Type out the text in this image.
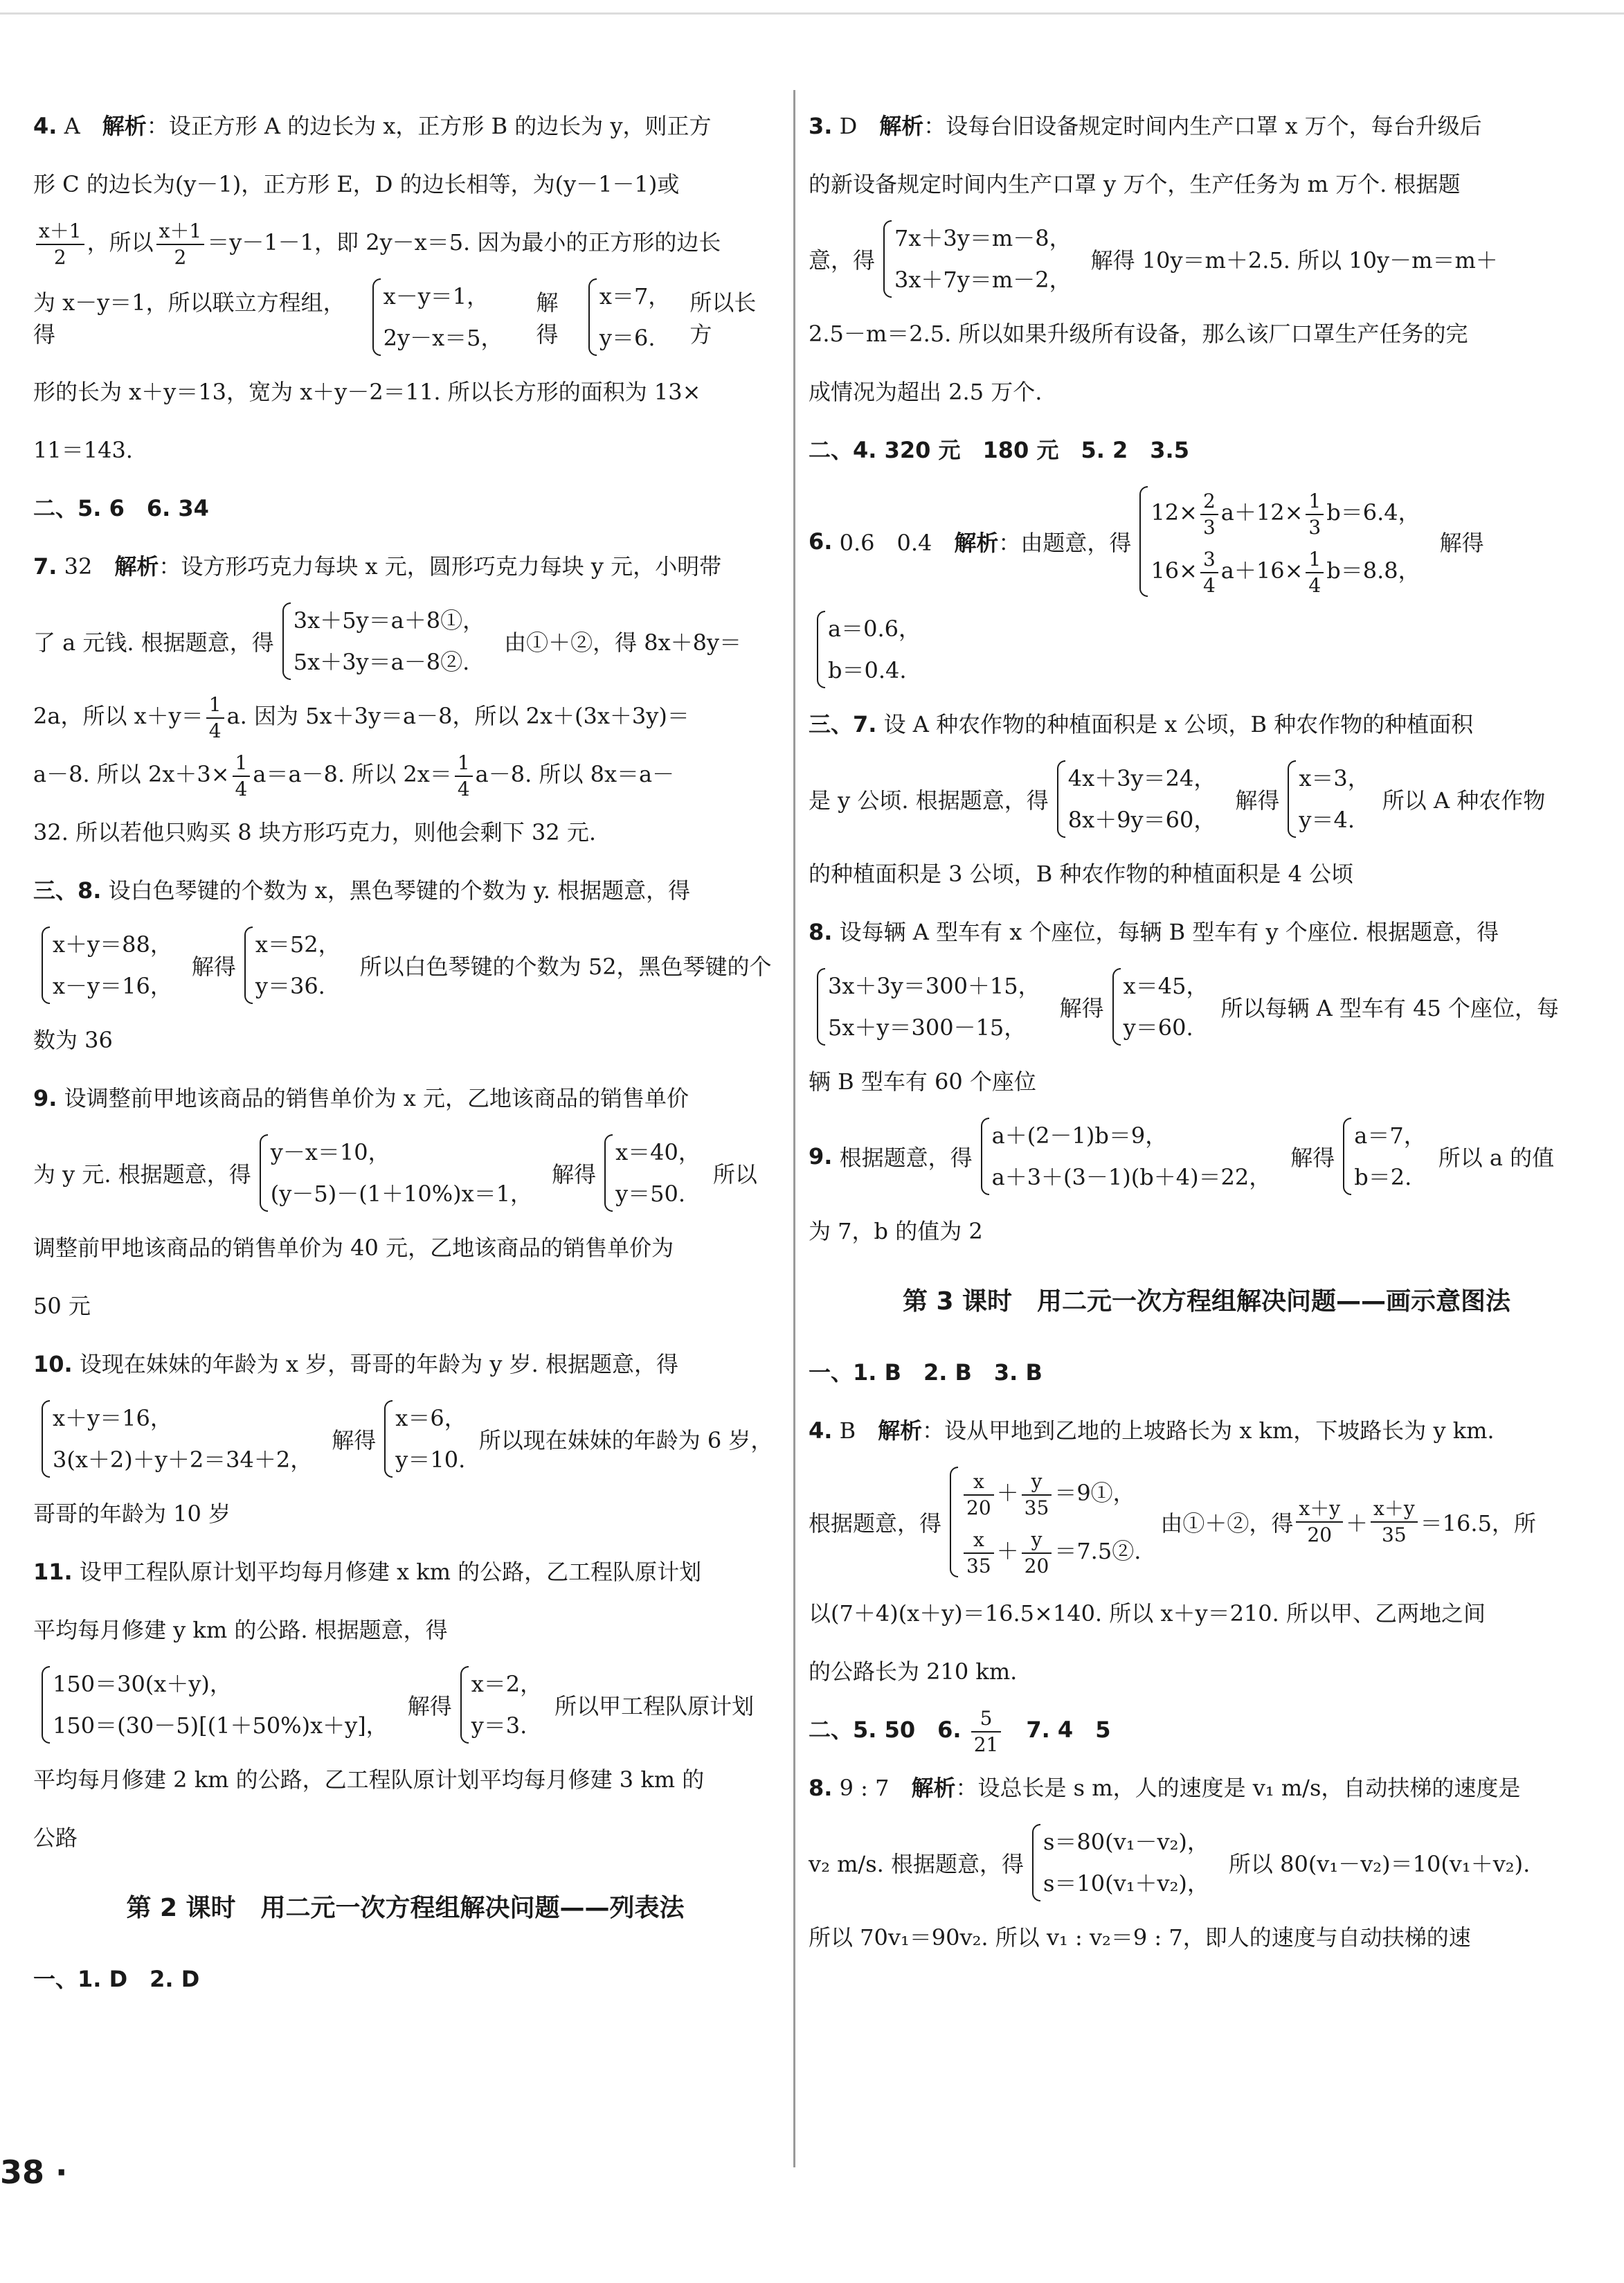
4. A　 解析：设正方形 A 的边长为 x，正方形 B 的边长为 y，则正方

形 C 的边长为(y－1)，正方形 E，D 的边长相等，为(y－1－1)或

$\frac{x+1}{2}$ ，所以 $\frac{x+1}{2} =y-1-1$，即 2y－x＝5. 因为最小的正方形的边长

为 x－y＝1，所以联立方程组，得
x－y＝1，
2y－x＝5，
解得
x＝7，
y＝6.
所以长方

形的长为 x＋y＝13，宽为 x＋y－2＝11. 所以长方形的面积为 13×

11＝143.

二、5. 6　6. 34

7. 32　 解析：设方形巧克力每块 x 元，圆形巧克力每块 y 元，小明带

了 a 元钱. 根据题意，得
3x＋5y＝a＋8①，
5x＋3y＝a－8②.
由①＋②，得 8x＋8y＝

2a，所以 $x+y= \frac{1}{4} a$. 因为 5x＋3y＝a－8，所以 2x＋(3x＋3y)＝

a－8. 所以 $2x+3\times \frac{1}{4} a=a-8$. 所以 $2x= \frac{1}{4} a-8$. 所以 8x＝a－

32. 所以若他只购买 8 块方形巧克力，则他会剩下 32 元.

三、8. 设白色琴键的个数为 x，黑色琴键的个数为 y. 根据题意，得

x＋y＝88，
x－y＝16，
解得
x＝52，
y＝36.
所以白色琴键的个数为 52，黑色琴键的个

数为 36

9. 设调整前甲地该商品的销售单价为 x 元，乙地该商品的销售单价

为 y 元. 根据题意，得
y－x＝10，
(y－5)－(1＋10%)x＝1，
解得
x＝40，
y＝50.
所以

调整前甲地该商品的销售单价为 40 元，乙地该商品的销售单价为

50 元

10. 设现在妹妹的年龄为 x 岁，哥哥的年龄为 y 岁. 根据题意，得

x＋y＝16，
3(x＋2)＋y＋2＝34＋2，
解得
x＝6，
y＝10.
所以现在妹妹的年龄为 6 岁，

哥哥的年龄为 10 岁

11. 设甲工程队原计划平均每月修建 x km 的公路，乙工程队原计划

平均每月修建 y km 的公路. 根据题意，得

150＝30(x＋y)，
150＝(30－5)[(1＋50%)x＋y]，
解得
x＝2，
y＝3.
所以甲工程队原计划

平均每月修建 2 km 的公路，乙工程队原计划平均每月修建 3 km 的

公路

第 2 课时　用二元一次方程组解决问题——列表法

一、1. D　2. D

3. D　 解析：设每台旧设备规定时间内生产口罩 x 万个，每台升级后

的新设备规定时间内生产口罩 y 万个，生产任务为 m 万个. 根据题

意，得
7x＋3y＝m－8，
3x＋7y＝m－2，
解得 10y＝m＋2.5. 所以 10y－m＝m＋

2.5－m＝2.5. 所以如果升级所有设备，那么该厂口罩生产任务的完

成情况为超出 2.5 万个.

二、4. 320 元　180 元　5. 2　3.5

6.
0.6　0.4
　 解析 ：由题意，得
$12\times \frac{2}{3} a+12\times \frac{1}{3} b=6.4$，
$16\times \frac{3}{4} a+16\times \frac{1}{4} b=8.8$，
解得
a＝0.6，
b＝0.4.

三、7. 设 A 种农作物的种植面积是 x 公顷，B 种农作物的种植面积

是 y 公顷. 根据题意，得
4x＋3y＝24，
8x＋9y＝60，
解得
x＝3，
y＝4.
所以 A 种农作物

的种植面积是 3 公顷，B 种农作物的种植面积是 4 公顷

8. 设每辆 A 型车有 x 个座位，每辆 B 型车有 y 个座位. 根据题意，得

3x＋3y＝300＋15，
5x＋y＝300－15，
解得
x＝45，
y＝60.
所以每辆 A 型车有 45 个座位，每

辆 B 型车有 60 个座位

9.
根据题意，得
a＋(2－1)b＝9，
a＋3＋(3－1)(b＋4)＝22，
解得
a＝7，
b＝2.
所以 a 的值

为 7，b 的值为 2

第 3 课时　用二元一次方程组解决问题——画示意图法

一、1. B　2. B　3. B

4. B　 解析：设从甲地到乙地的上坡路长为 x km，下坡路长为 y km.

根据题意，得
$\frac{x}{20} + \frac{y}{35}$ ＝9①，
$\frac{x}{35} + \frac{y}{20}$ ＝7.5②.
由①＋②，得 $\frac{x+y}{20} + \frac{x+y}{35} =16.5$，所

以(7＋4)(x＋y)＝16.5×140. 所以 x＋y＝210. 所以甲、乙两地之间

的公路长为 210 km.

二、5. 50　6. $\frac{5}{21}$
　 7. 4　5

8. 9 : 7　 解析：设总长是 s m，人的速度是 v₁ m/s，自动扶梯的速度是

v₂ m/s. 根据题意，得
s＝80(v₁－v₂)，
s＝10(v₁＋v₂)，
所以 80(v₁－v₂)＝10(v₁＋v₂).

所以 70v₁＝90v₂. 所以 v₁ : v₂＝9 : 7，即人的速度与自动扶梯的速

38 ·
